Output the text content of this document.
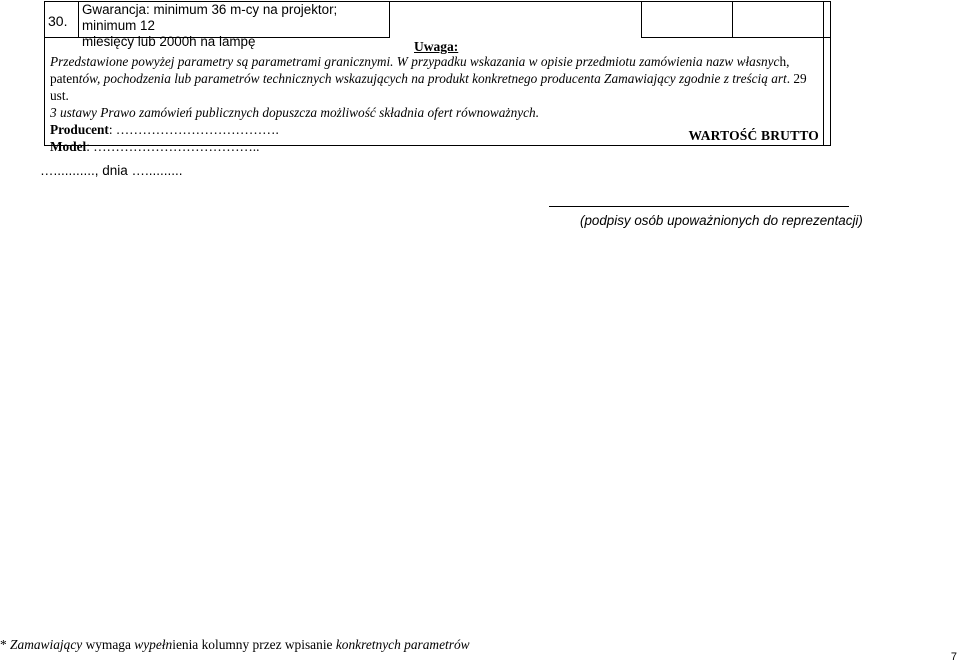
30.
Gwarancja: minimum 36 m-cy na projektor; minimum 12
miesięcy lub 2000h na lampę	Uwaga:
Przedstawione powyżej parametry są parametrami granicznymi. W przypadku wskazania w opisie przedmiotu zamówienia nazw własnych,
patentów, pochodzenia lub parametrów technicznych wskazujących na produkt konkretnego producenta Zamawiający zgodnie z treścią art. 29 ust.
3 ustawy Prawo zamówień publicznych dopuszcza możliwość składnia ofert równoważnych.
Producent: ……………………………….
Model: ………………………………..
WARTOŚĆ BRUTTO
…..........., dnia …..........
(podpisy osób upoważnionych do reprezentacji)
* Zamawiający wymaga wypełnienia kolumny przez wpisanie konkretnych parametrów
7
